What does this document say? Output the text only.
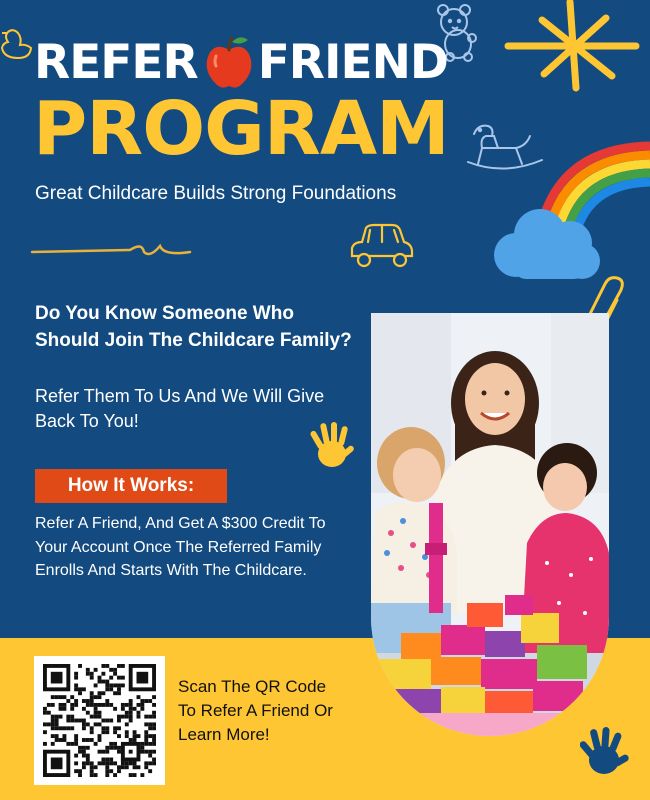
REFER FRIEND
PROGRAM
Great Childcare Builds Strong Foundations
Do You Know Someone Who Should Join The Childcare Family?
Refer Them To Us And We Will Give Back To You!
How It Works:
Refer A Friend, And Get A $300 Credit To Your Account Once The Referred Family Enrolls And Starts With The Childcare.
Scan The QR Code To Refer A Friend Or Learn More!
